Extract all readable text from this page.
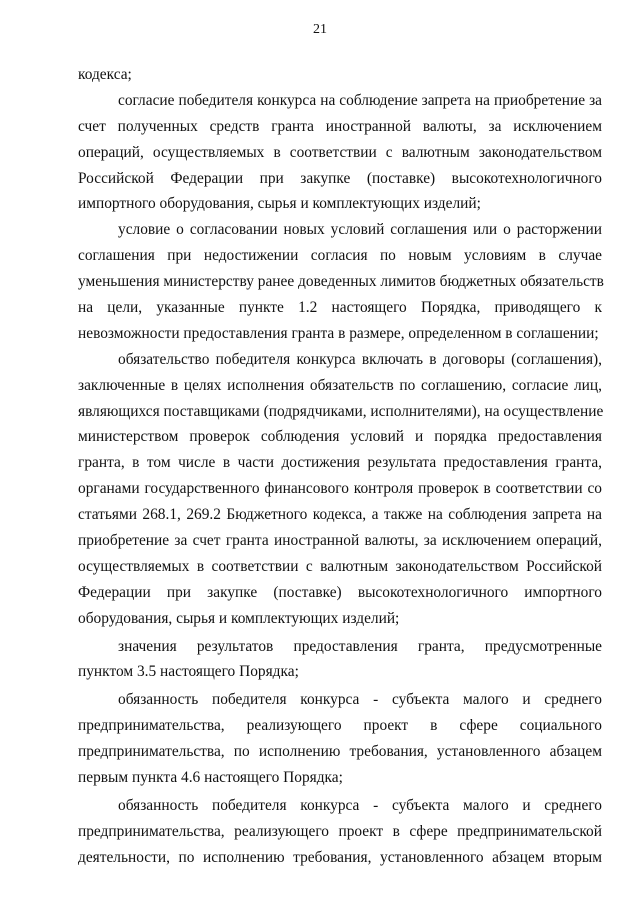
21
кодекса;
согласие победителя конкурса на соблюдение запрета на приобретение за
счет полученных средств гранта иностранной валюты, за исключением
операций, осуществляемых в соответствии с валютным законодательством
Российской Федерации при закупке (поставке) высокотехнологичного
импортного оборудования, сырья и комплектующих изделий;
условие о согласовании новых условий соглашения или о расторжении
соглашения при недостижении согласия по новым условиям в случае
уменьшения министерству ранее доведенных лимитов бюджетных обязательств
на цели, указанные пункте 1.2 настоящего Порядка, приводящего к
невозможности предоставления гранта в размере, определенном в соглашении;
обязательство победителя конкурса включать в договоры (соглашения),
заключенные в целях исполнения обязательств по соглашению, согласие лиц,
являющихся поставщиками (подрядчиками, исполнителями), на осуществление
министерством проверок соблюдения условий и порядка предоставления
гранта, в том числе в части достижения результата предоставления гранта,
органами государственного финансового контроля проверок в соответствии со
статьями 268.1, 269.2 Бюджетного кодекса, а также на соблюдения запрета на
приобретение за счет гранта иностранной валюты, за исключением операций,
осуществляемых в соответствии с валютным законодательством Российской
Федерации при закупке (поставке) высокотехнологичного импортного
оборудования, сырья и комплектующих изделий;
значения результатов предоставления гранта, предусмотренные
пунктом 3.5 настоящего Порядка;
обязанность победителя конкурса - субъекта малого и среднего
предпринимательства, реализующего проект в сфере социального
предпринимательства, по исполнению требования, установленного абзацем
первым пункта 4.6 настоящего Порядка;
обязанность победителя конкурса - субъекта малого и среднего
предпринимательства, реализующего проект в сфере предпринимательской
деятельности, по исполнению требования, установленного абзацем вторым
